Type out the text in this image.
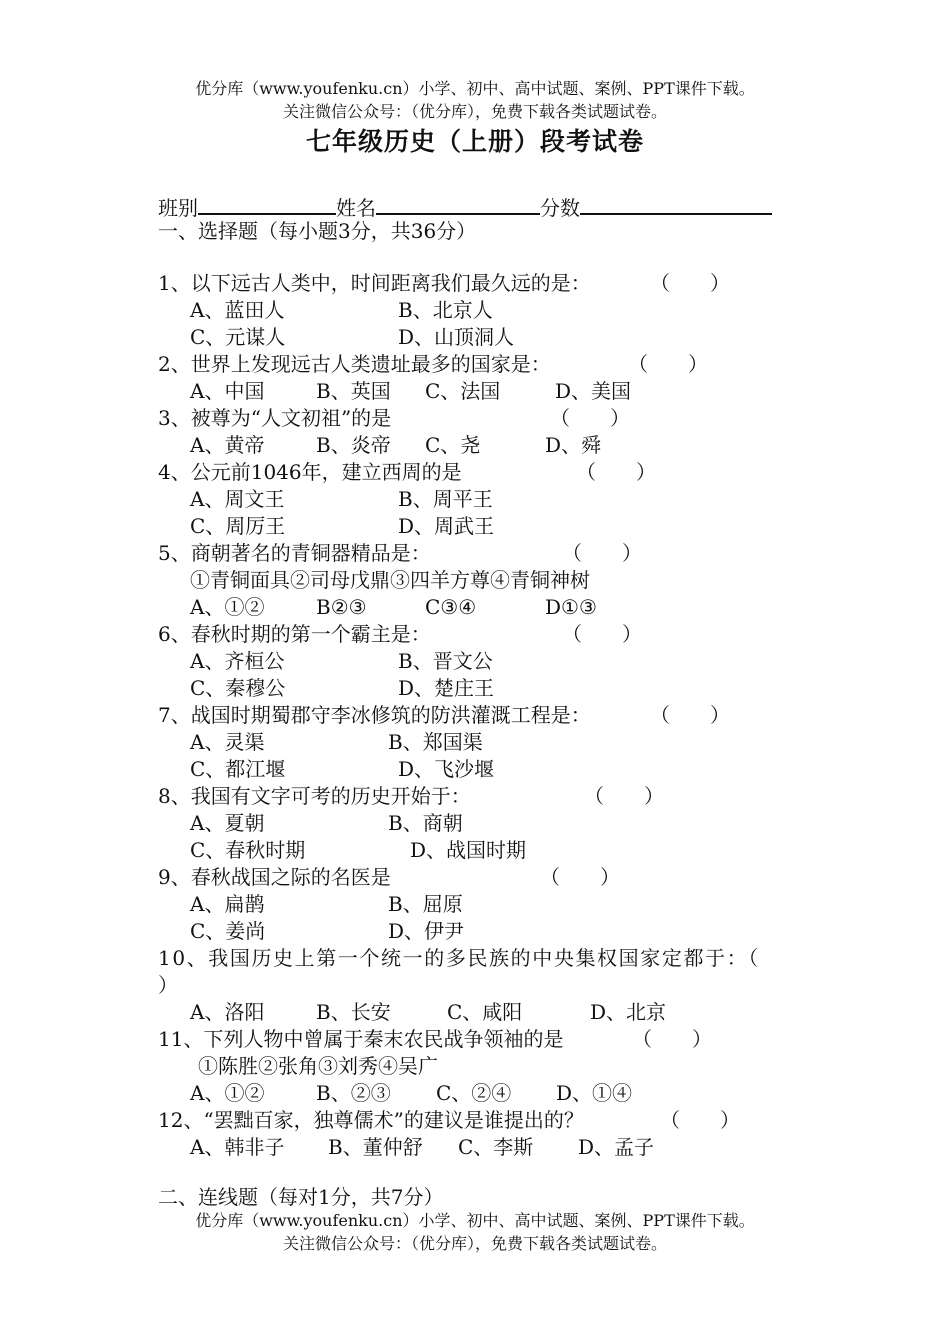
优分库（www.youfenku.cn）小学、初中、高中试题、案例、PPT课件下载。
关注微信公众号：（优分库），免费下载各类试题试卷。
七年级历史（上册）段考试卷
班别	姓名	分数
一、选择题（每小题3分，共36分）
1、以下远古人类中，时间距离我们最久远的是：	（　　）
A、蓝田人	B、北京人
C、元谋人	D、山顶洞人
2、世界上发现远古人类遗址最多的国家是：	（　　）
A、中国	B、英国 C、法国	D、美国
3、被尊为“人文初祖”的是	（　　）
A、黄帝	B、炎帝 C、尧	D、舜
4、公元前1046年，建立西周的是	（　　）
A、周文王	B、周平王
C、周厉王	D、周武王
5、商朝著名的青铜器精品是：	（　　）
①青铜面具②司母戊鼎③四羊方尊④青铜神树
A、①②	B②③	C③④	D①③
6、春秋时期的第一个霸主是：	（　　）
A、齐桓公	B、晋文公
C、秦穆公	D、楚庄王
7、战国时期蜀郡守李冰修筑的防洪灌溉工程是：	（　　）
A、灵渠	B、郑国渠
C、都江堰	D、飞沙堰
8、我国有文字可考的历史开始于：	（　　）
A、夏朝	B、商朝
C、春秋时期	D、战国时期
9、春秋战国之际的名医是	（　　）
A、扁鹊	B、屈原
C、姜尚	D、伊尹
10、我国历史上第一个统一的多民族的中央集权国家定都于：（
）
A、洛阳	B、长安	C、咸阳	D、北京
11、下列人物中曾属于秦末农民战争领袖的是	（　　）
①陈胜②张角③刘秀④吴广
A、①②	B、②③ C、②④ D、①④
12、“罢黜百家，独尊儒术”的建议是谁提出的？	（　　）
A、韩非子 B、董仲舒 C、李斯 D、孟子
二、连线题（每对1分，共7分）
优分库（www.youfenku.cn）小学、初中、高中试题、案例、PPT课件下载。
关注微信公众号：（优分库），免费下载各类试题试卷。
